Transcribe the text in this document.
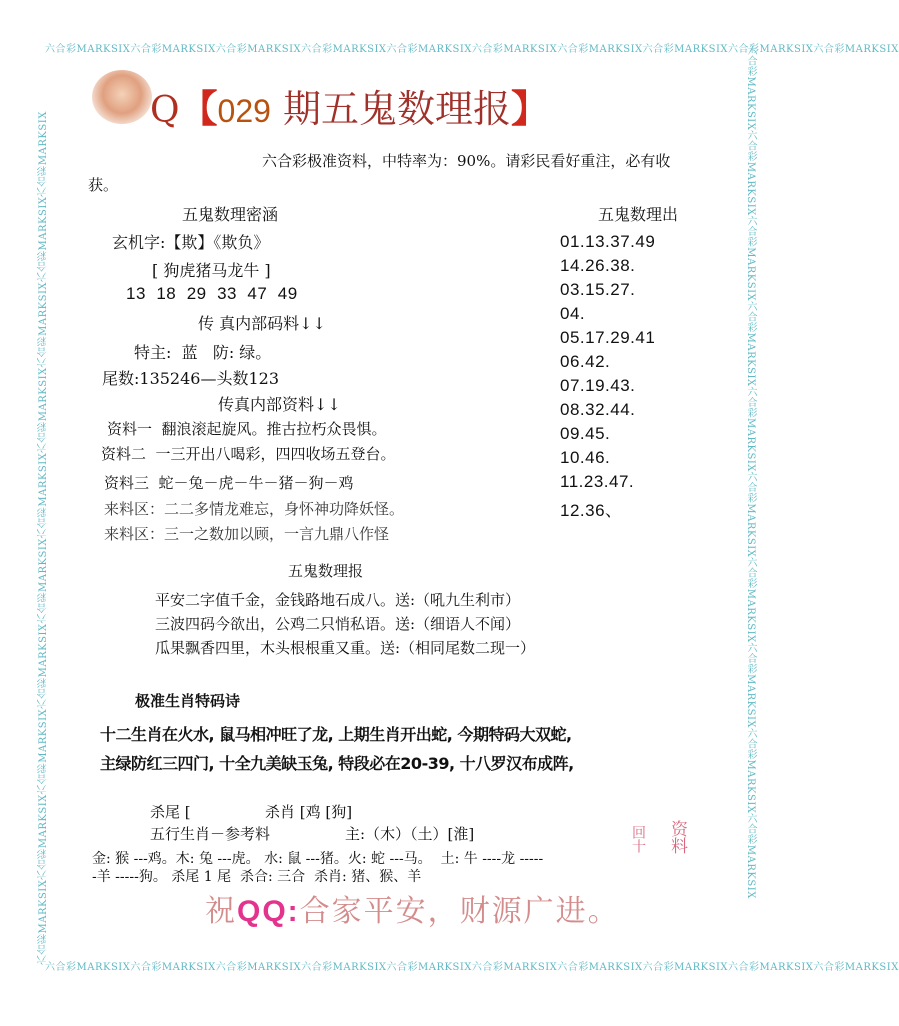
六合彩MARKSIX六合彩MARKSIX六合彩MARKSIX六合彩MARKSIX六合彩MARKSIX六合彩MARKSIX六合彩MARKSIX六合彩MARKSIX六合彩MARKSIX六合彩MARKSIX
六合彩MARKSIX六合彩MARKSIX六合彩MARKSIX六合彩MARKSIX六合彩MARKSIX六合彩MARKSIX六合彩MARKSIX六合彩MARKSIX六合彩MARKSIX六合彩MARKSIX
六合彩MARKSIX六合彩MARKSIX六合彩MARKSIX六合彩MARKSIX六合彩MARKSIX六合彩MARKSIX六合彩MARKSIX六合彩MARKSIX六合彩MARKSIX六合彩MARKSIX	六合彩MARKSIX六合彩MARKSIX六合彩MARKSIX六合彩MARKSIX六合彩MARKSIX六合彩MARKSIX六合彩MARKSIX六合彩MARKSIX六合彩MARKSIX六合彩MARKSIX
Q【029 期五鬼数理报】
六合彩极准资料，中特率为：90%。请彩民看好重注，必有收
获。
五鬼数理密涵
玄机字:【欺】《欺负》
[ 狗虎猪马龙牛 ]
13  18  29  33  47  49
传 真内部码料↓↓
特主:  蓝   防: 绿。
尾数:135246—头数123
传真内部资料↓↓
资料一  翻浪滚起旋风。推古拉朽众畏惧。
资料二  一三开出八喝彩，四四收场五登台。
资料三  蛇－兔－虎－牛－猪－狗－鸡
来料区：二二多情龙难忘，身怀神功降妖怪。
来料区：三一之数加以顾，一言九鼎八作怪
五鬼数理出
01.13.37.49
14.26.38.
03.15.27.
04.
05.17.29.41
06.42.
07.19.43.
08.32.44.
09.45.
10.46.
11.23.47.
12.36、
五鬼数理报
平安二字值千金，金钱路地石成八。送:（吼九生利市）
三波四码今欲出，公鸡二只悄私语。送:（细语人不闻）
瓜果飘香四里，木头根根重又重。送:（相同尾数二现一）
极准生肖特码诗
十二生肖在火水, 鼠马相冲旺了龙, 上期生肖开出蛇, 今期特码大双蛇,
主绿防红三四门, 十全九美缺玉兔, 特段必在20-39, 十八罗汉布成阵,
杀尾 [	杀肖 [鸡 [狗]
五行生肖－参考料	主:（木）（土）[淮]
金: 猴 ---鸡。木: 兔 ---虎。 水: 鼠 ---猪。火: 蛇 ---马。  土: 牛 ----龙 -----
-羊 -----狗。 杀尾 1 尾  杀合: 三合  杀肖: 猪、猴、羊
资料
回十
祝QQ:合家平安，财源广进。
